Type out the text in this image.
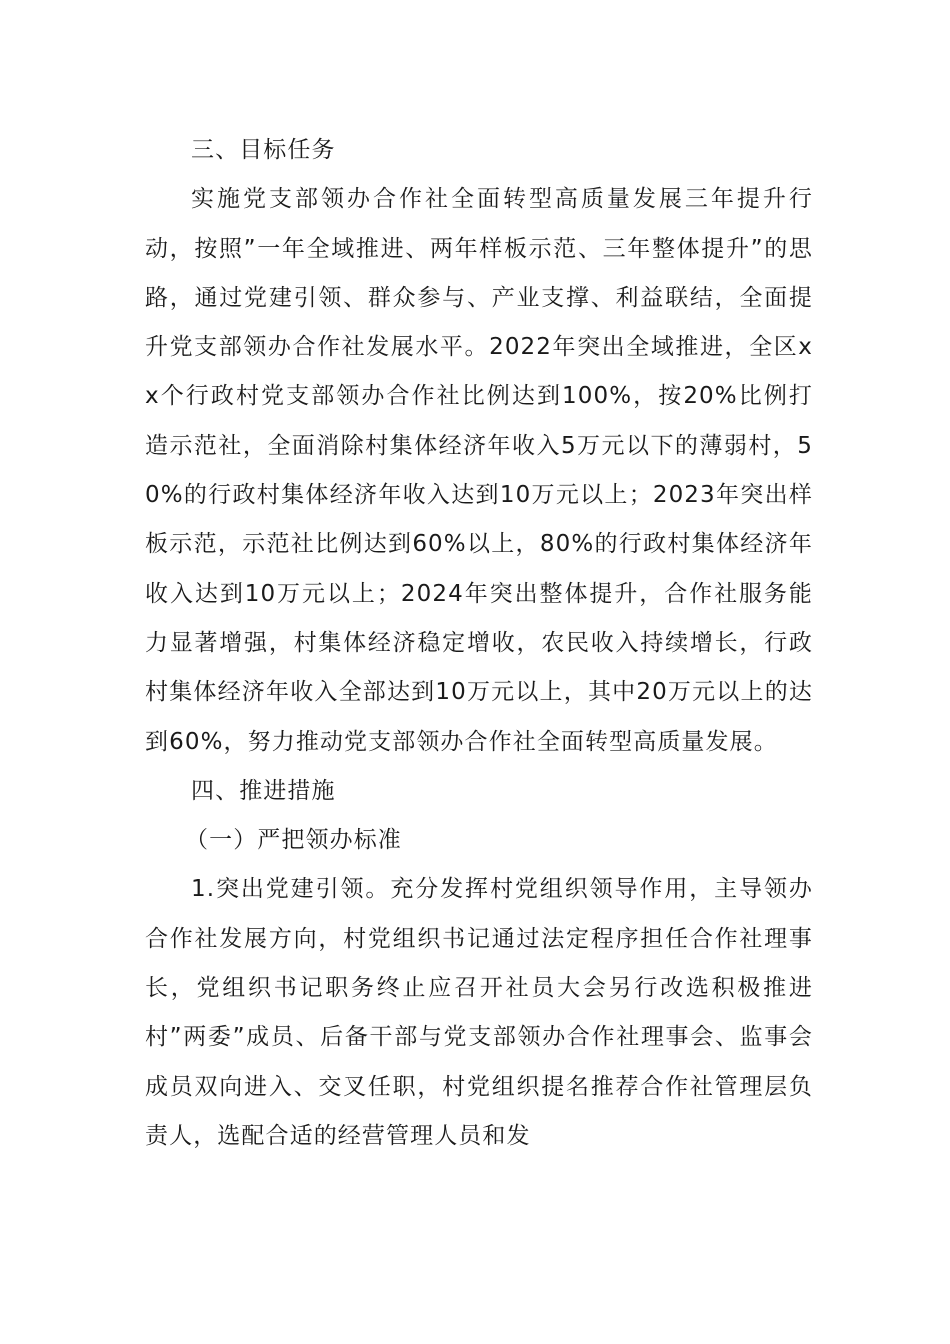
三、目标任务

实施党支部领办合作社全面转型高质量发展三年提升行动，按照”一年全域推进、两年样板示范、三年整体提升”的思路，通过党建引领、群众参与、产业支撑、利益联结，全面提升党支部领办合作社发展水平。2022年突出全域推进，全区xx个行政村党支部领办合作社比例达到100%，按20%比例打造示范社，全面消除村集体经济年收入5万元以下的薄弱村，50%的行政村集体经济年收入达到10万元以上；2023年突出样板示范，示范社比例达到60%以上，80%的行政村集体经济年收入达到10万元以上；2024年突出整体提升，合作社服务能力显著增强，村集体经济稳定增收，农民收入持续增长，行政村集体经济年收入全部达到10万元以上，其中20万元以上的达到60%，努力推动党支部领办合作社全面转型高质量发展。

四、推进措施

（一）严把领办标准

1.突出党建引领。充分发挥村党组织领导作用，主导领办合作社发展方向，村党组织书记通过法定程序担任合作社理事长，党组织书记职务终止应召开社员大会另行改选积极推进村”两委”成员、后备干部与党支部领办合作社理事会、监事会成员双向进入、交叉任职，村党组织提名推荐合作社管理层负责人，选配合适的经营管理人员和发
